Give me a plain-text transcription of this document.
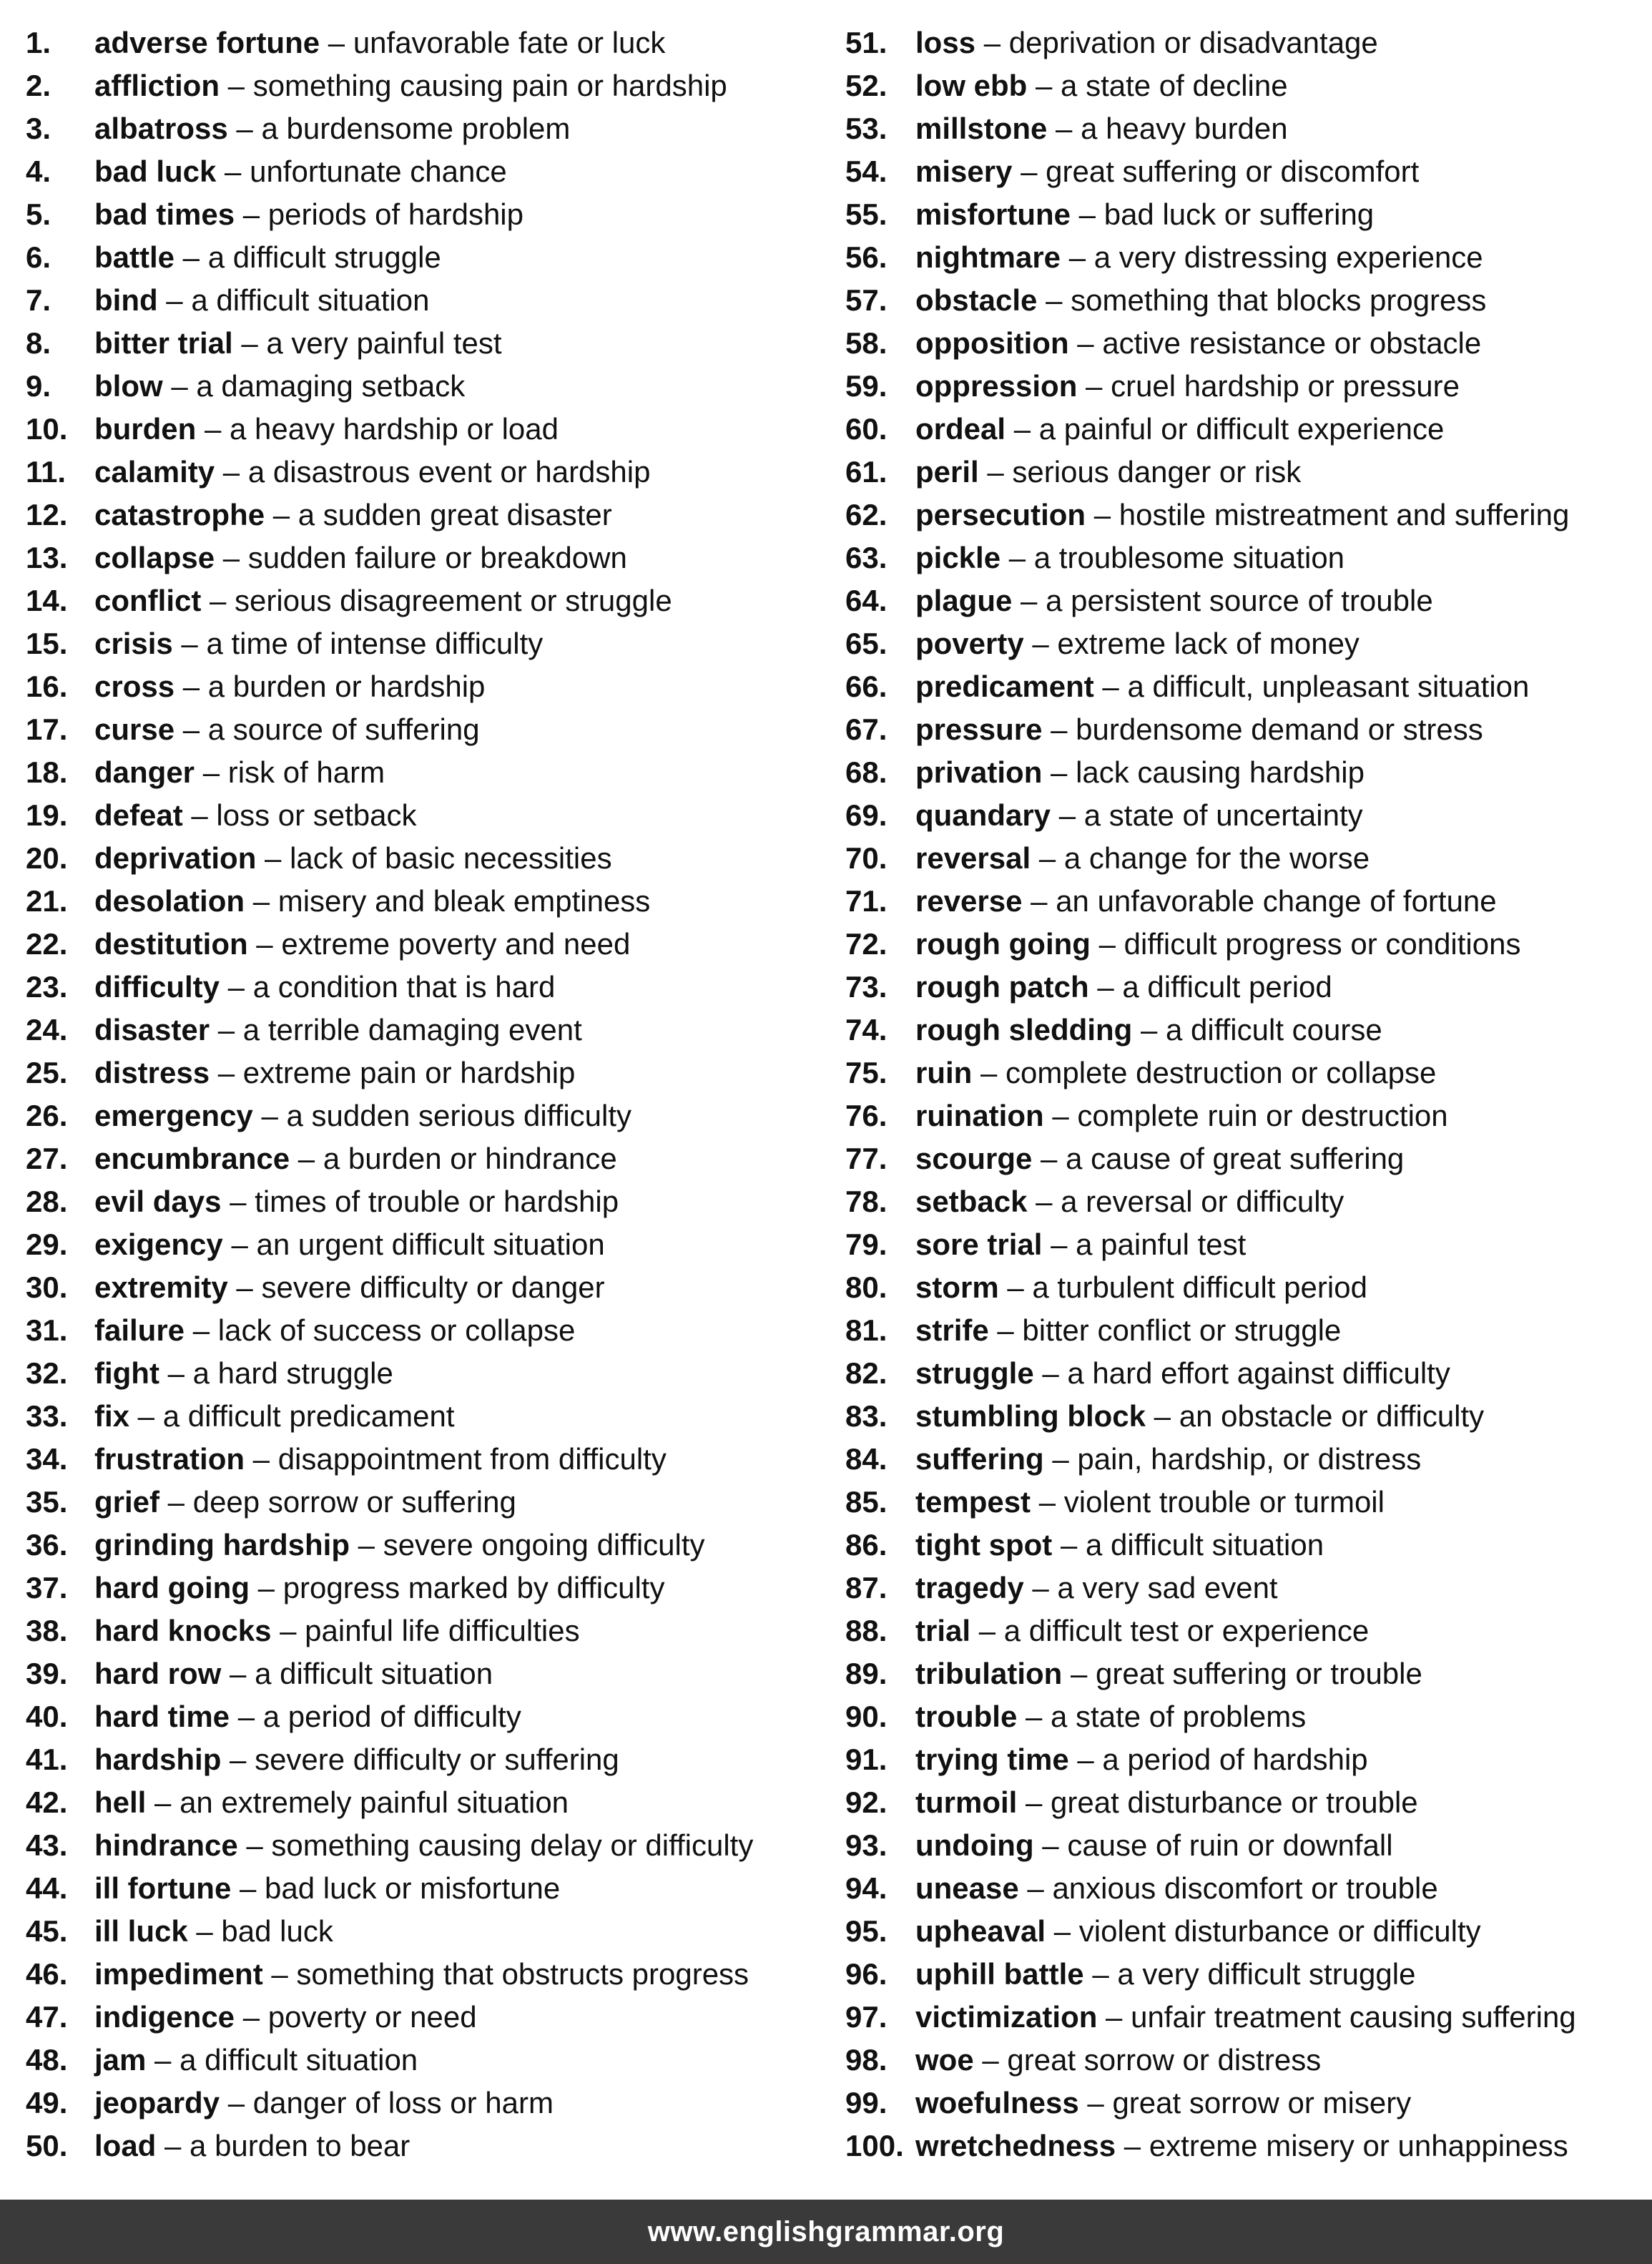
1. adverse fortune – unfavorable fate or luck
2. affliction – something causing pain or hardship
3. albatross – a burdensome problem
4. bad luck – unfortunate chance
5. bad times – periods of hardship
6. battle – a difficult struggle
7. bind – a difficult situation
8. bitter trial – a very painful test
9. blow – a damaging setback
10. burden – a heavy hardship or load
11. calamity – a disastrous event or hardship
12. catastrophe – a sudden great disaster
13. collapse – sudden failure or breakdown
14. conflict – serious disagreement or struggle
15. crisis – a time of intense difficulty
16. cross – a burden or hardship
17. curse – a source of suffering
18. danger – risk of harm
19. defeat – loss or setback
20. deprivation – lack of basic necessities
21. desolation – misery and bleak emptiness
22. destitution – extreme poverty and need
23. difficulty – a condition that is hard
24. disaster – a terrible damaging event
25. distress – extreme pain or hardship
26. emergency – a sudden serious difficulty
27. encumbrance – a burden or hindrance
28. evil days – times of trouble or hardship
29. exigency – an urgent difficult situation
30. extremity – severe difficulty or danger
31. failure – lack of success or collapse
32. fight – a hard struggle
33. fix – a difficult predicament
34. frustration – disappointment from difficulty
35. grief – deep sorrow or suffering
36. grinding hardship – severe ongoing difficulty
37. hard going – progress marked by difficulty
38. hard knocks – painful life difficulties
39. hard row – a difficult situation
40. hard time – a period of difficulty
41. hardship – severe difficulty or suffering
42. hell – an extremely painful situation
43. hindrance – something causing delay or difficulty
44. ill fortune – bad luck or misfortune
45. ill luck – bad luck
46. impediment – something that obstructs progress
47. indigence – poverty or need
48. jam – a difficult situation
49. jeopardy – danger of loss or harm
50. load – a burden to bear
51. loss – deprivation or disadvantage
52. low ebb – a state of decline
53. millstone – a heavy burden
54. misery – great suffering or discomfort
55. misfortune – bad luck or suffering
56. nightmare – a very distressing experience
57. obstacle – something that blocks progress
58. opposition – active resistance or obstacle
59. oppression – cruel hardship or pressure
60. ordeal – a painful or difficult experience
61. peril – serious danger or risk
62. persecution – hostile mistreatment and suffering
63. pickle – a troublesome situation
64. plague – a persistent source of trouble
65. poverty – extreme lack of money
66. predicament – a difficult, unpleasant situation
67. pressure – burdensome demand or stress
68. privation – lack causing hardship
69. quandary – a state of uncertainty
70. reversal – a change for the worse
71. reverse – an unfavorable change of fortune
72. rough going – difficult progress or conditions
73. rough patch – a difficult period
74. rough sledding – a difficult course
75. ruin – complete destruction or collapse
76. ruination – complete ruin or destruction
77. scourge – a cause of great suffering
78. setback – a reversal or difficulty
79. sore trial – a painful test
80. storm – a turbulent difficult period
81. strife – bitter conflict or struggle
82. struggle – a hard effort against difficulty
83. stumbling block – an obstacle or difficulty
84. suffering – pain, hardship, or distress
85. tempest – violent trouble or turmoil
86. tight spot – a difficult situation
87. tragedy – a very sad event
88. trial – a difficult test or experience
89. tribulation – great suffering or trouble
90. trouble – a state of problems
91. trying time – a period of hardship
92. turmoil – great disturbance or trouble
93. undoing – cause of ruin or downfall
94. unease – anxious discomfort or trouble
95. upheaval – violent disturbance or difficulty
96. uphill battle – a very difficult struggle
97. victimization – unfair treatment causing suffering
98. woe – great sorrow or distress
99. woefulness – great sorrow or misery
100. wretchedness – extreme misery or unhappiness
www.englishgrammar.org
